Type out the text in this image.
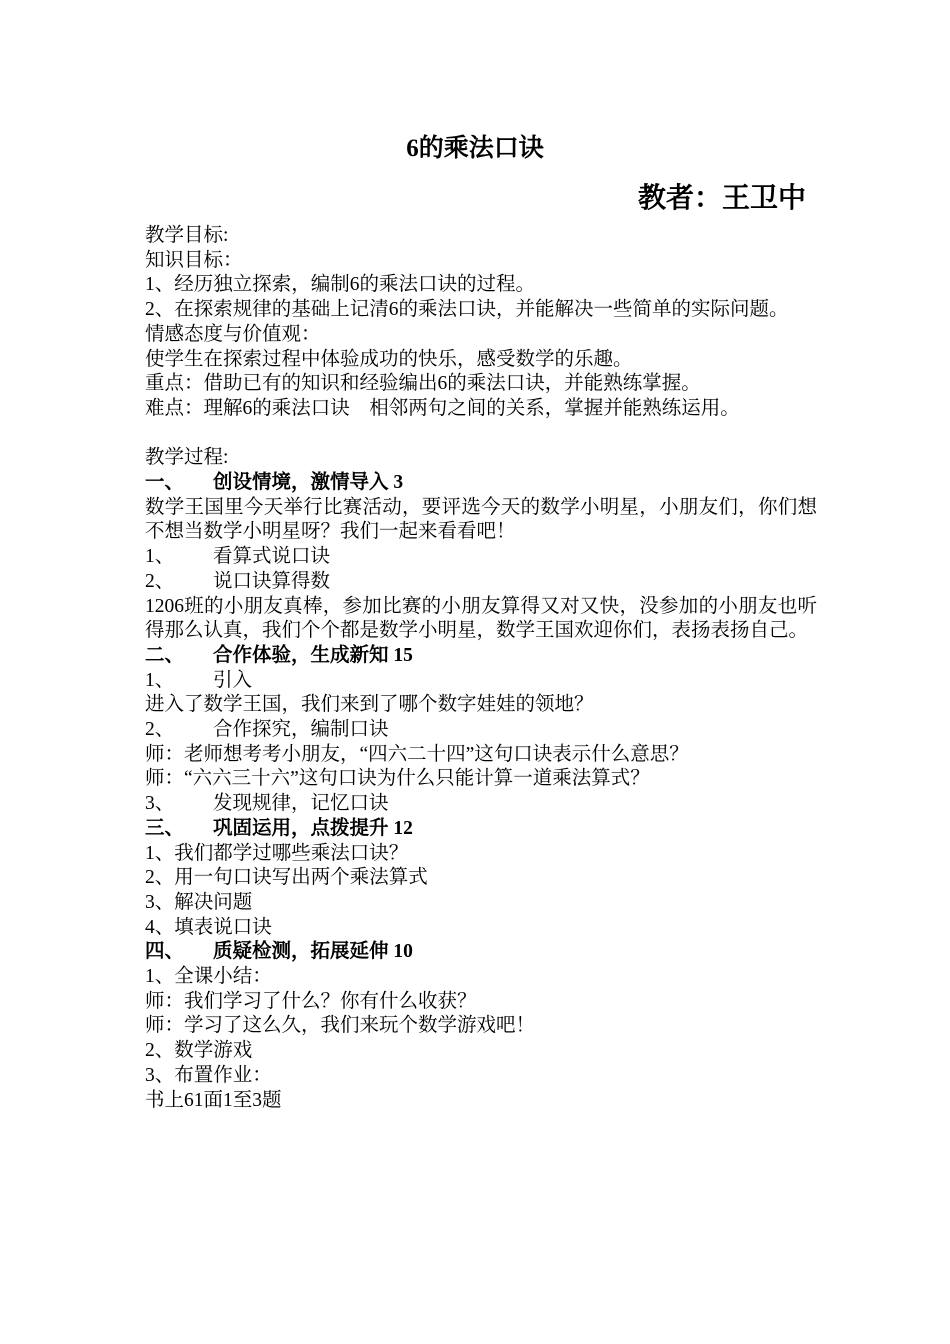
6的乘法口诀
教者：王卫中
教学目标:
知识目标：
1、经历独立探索，编制6的乘法口诀的过程。
2、在探索规律的基础上记清6的乘法口诀，并能解决一些简单的实际问题。
情感态度与价值观：
使学生在探索过程中体验成功的快乐，感受数学的乐趣。
重点：借助已有的知识和经验编出6的乘法口诀，并能熟练掌握。
难点：理解6的乘法口诀　相邻两句之间的关系，掌握并能熟练运用。
教学过程:
一、 创设情境，激情导入 3
数学王国里今天举行比赛活动，要评选今天的数学小明星，小朋友们，你们想不想当数学小明星呀？我们一起来看看吧！
1、 看算式说口诀
2、 说口诀算得数
1206班的小朋友真棒，参加比赛的小朋友算得又对又快，没参加的小朋友也听得那么认真，我们个个都是数学小明星，数学王国欢迎你们，表扬表扬自己。
二、 合作体验，生成新知 15
1、 引入
进入了数学王国，我们来到了哪个数字娃娃的领地？
2、 合作探究，编制口诀
师：老师想考考小朋友，“四六二十四”这句口诀表示什么意思？
师：“六六三十六”这句口诀为什么只能计算一道乘法算式？
3、 发现规律，记忆口诀
三、 巩固运用，点拨提升 12
1、我们都学过哪些乘法口诀？
2、用一句口诀写出两个乘法算式
3、解决问题
4、填表说口诀
四、 质疑检测，拓展延伸 10
1、全课小结：
师：我们学习了什么？你有什么收获？
师：学习了这么久，我们来玩个数学游戏吧！
2、数学游戏
3、布置作业：
书上61面1至3题
